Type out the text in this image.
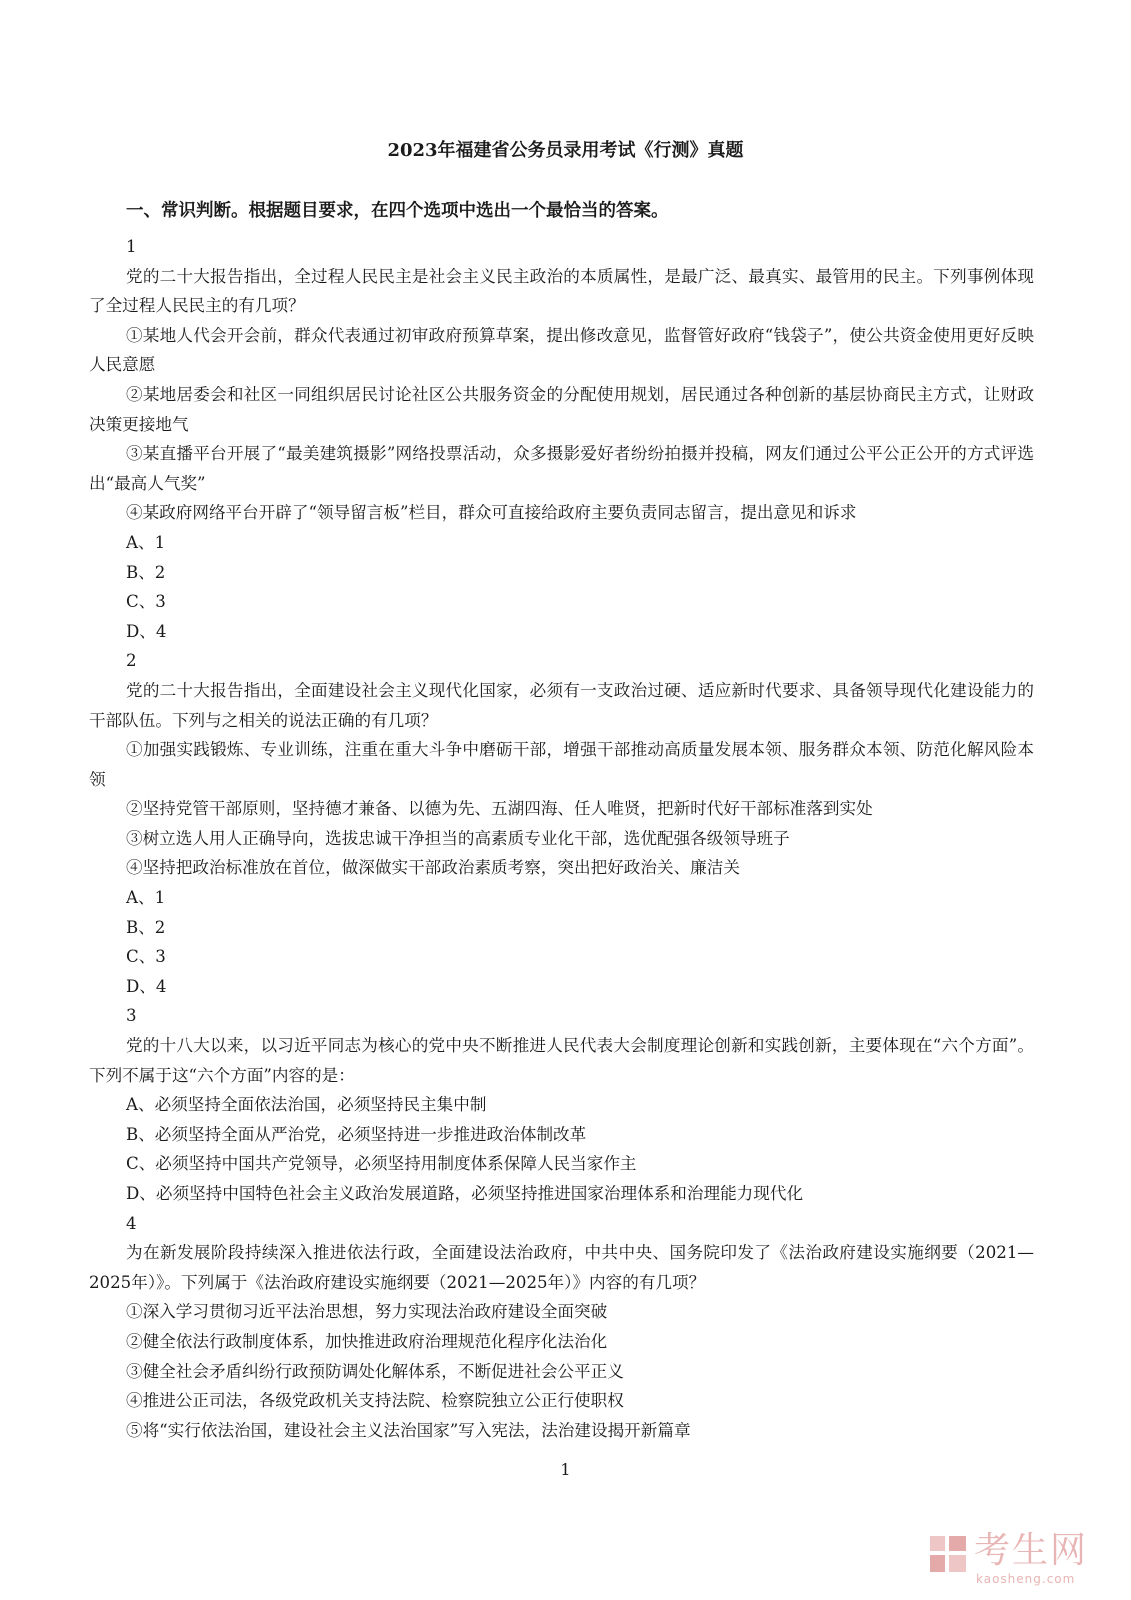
2023年福建省公务员录用考试《行测》真题
一、常识判断。根据题目要求，在四个选项中选出一个最恰当的答案。

1

党的二十大报告指出，全过程人民民主是社会主义民主政治的本质属性，是最广泛、最真实、最管用的民主。下列事例体现了全过程人民民主的有几项？

①某地人代会开会前，群众代表通过初审政府预算草案，提出修改意见，监督管好政府“钱袋子”，使公共资金使用更好反映人民意愿

②某地居委会和社区一同组织居民讨论社区公共服务资金的分配使用规划，居民通过各种创新的基层协商民主方式，让财政决策更接地气

③某直播平台开展了“最美建筑摄影”网络投票活动，众多摄影爱好者纷纷拍摄并投稿，网友们通过公平公正公开的方式评选出“最高人气奖”

④某政府网络平台开辟了“领导留言板”栏目，群众可直接给政府主要负责同志留言，提出意见和诉求

A、1

B、2

C、3

D、4

2

党的二十大报告指出，全面建设社会主义现代化国家，必须有一支政治过硬、适应新时代要求、具备领导现代化建设能力的干部队伍。下列与之相关的说法正确的有几项？

①加强实践锻炼、专业训练，注重在重大斗争中磨砺干部，增强干部推动高质量发展本领、服务群众本领、防范化解风险本领

②坚持党管干部原则，坚持德才兼备、以德为先、五湖四海、任人唯贤，把新时代好干部标准落到实处

③树立选人用人正确导向，选拔忠诚干净担当的高素质专业化干部，选优配强各级领导班子

④坚持把政治标准放在首位，做深做实干部政治素质考察，突出把好政治关、廉洁关

A、1

B、2

C、3

D、4

3

党的十八大以来，以习近平同志为核心的党中央不断推进人民代表大会制度理论创新和实践创新，主要体现在“六个方面”。下列不属于这“六个方面”内容的是：

A、必须坚持全面依法治国，必须坚持民主集中制

B、必须坚持全面从严治党，必须坚持进一步推进政治体制改革

C、必须坚持中国共产党领导，必须坚持用制度体系保障人民当家作主

D、必须坚持中国特色社会主义政治发展道路，必须坚持推进国家治理体系和治理能力现代化

4

为在新发展阶段持续深入推进依法行政，全面建设法治政府，中共中央、国务院印发了《法治政府建设实施纲要（2021—2025年）》。下列属于《法治政府建设实施纲要（2021—2025年）》内容的有几项？

①深入学习贯彻习近平法治思想，努力实现法治政府建设全面突破

②健全依法行政制度体系，加快推进政府治理规范化程序化法治化

③健全社会矛盾纠纷行政预防调处化解体系，不断促进社会公平正义

④推进公正司法，各级党政机关支持法院、检察院独立公正行使职权

⑤将“实行依法治国，建设社会主义法治国家”写入宪法，法治建设揭开新篇章

1
考生网
kaosheng.com
